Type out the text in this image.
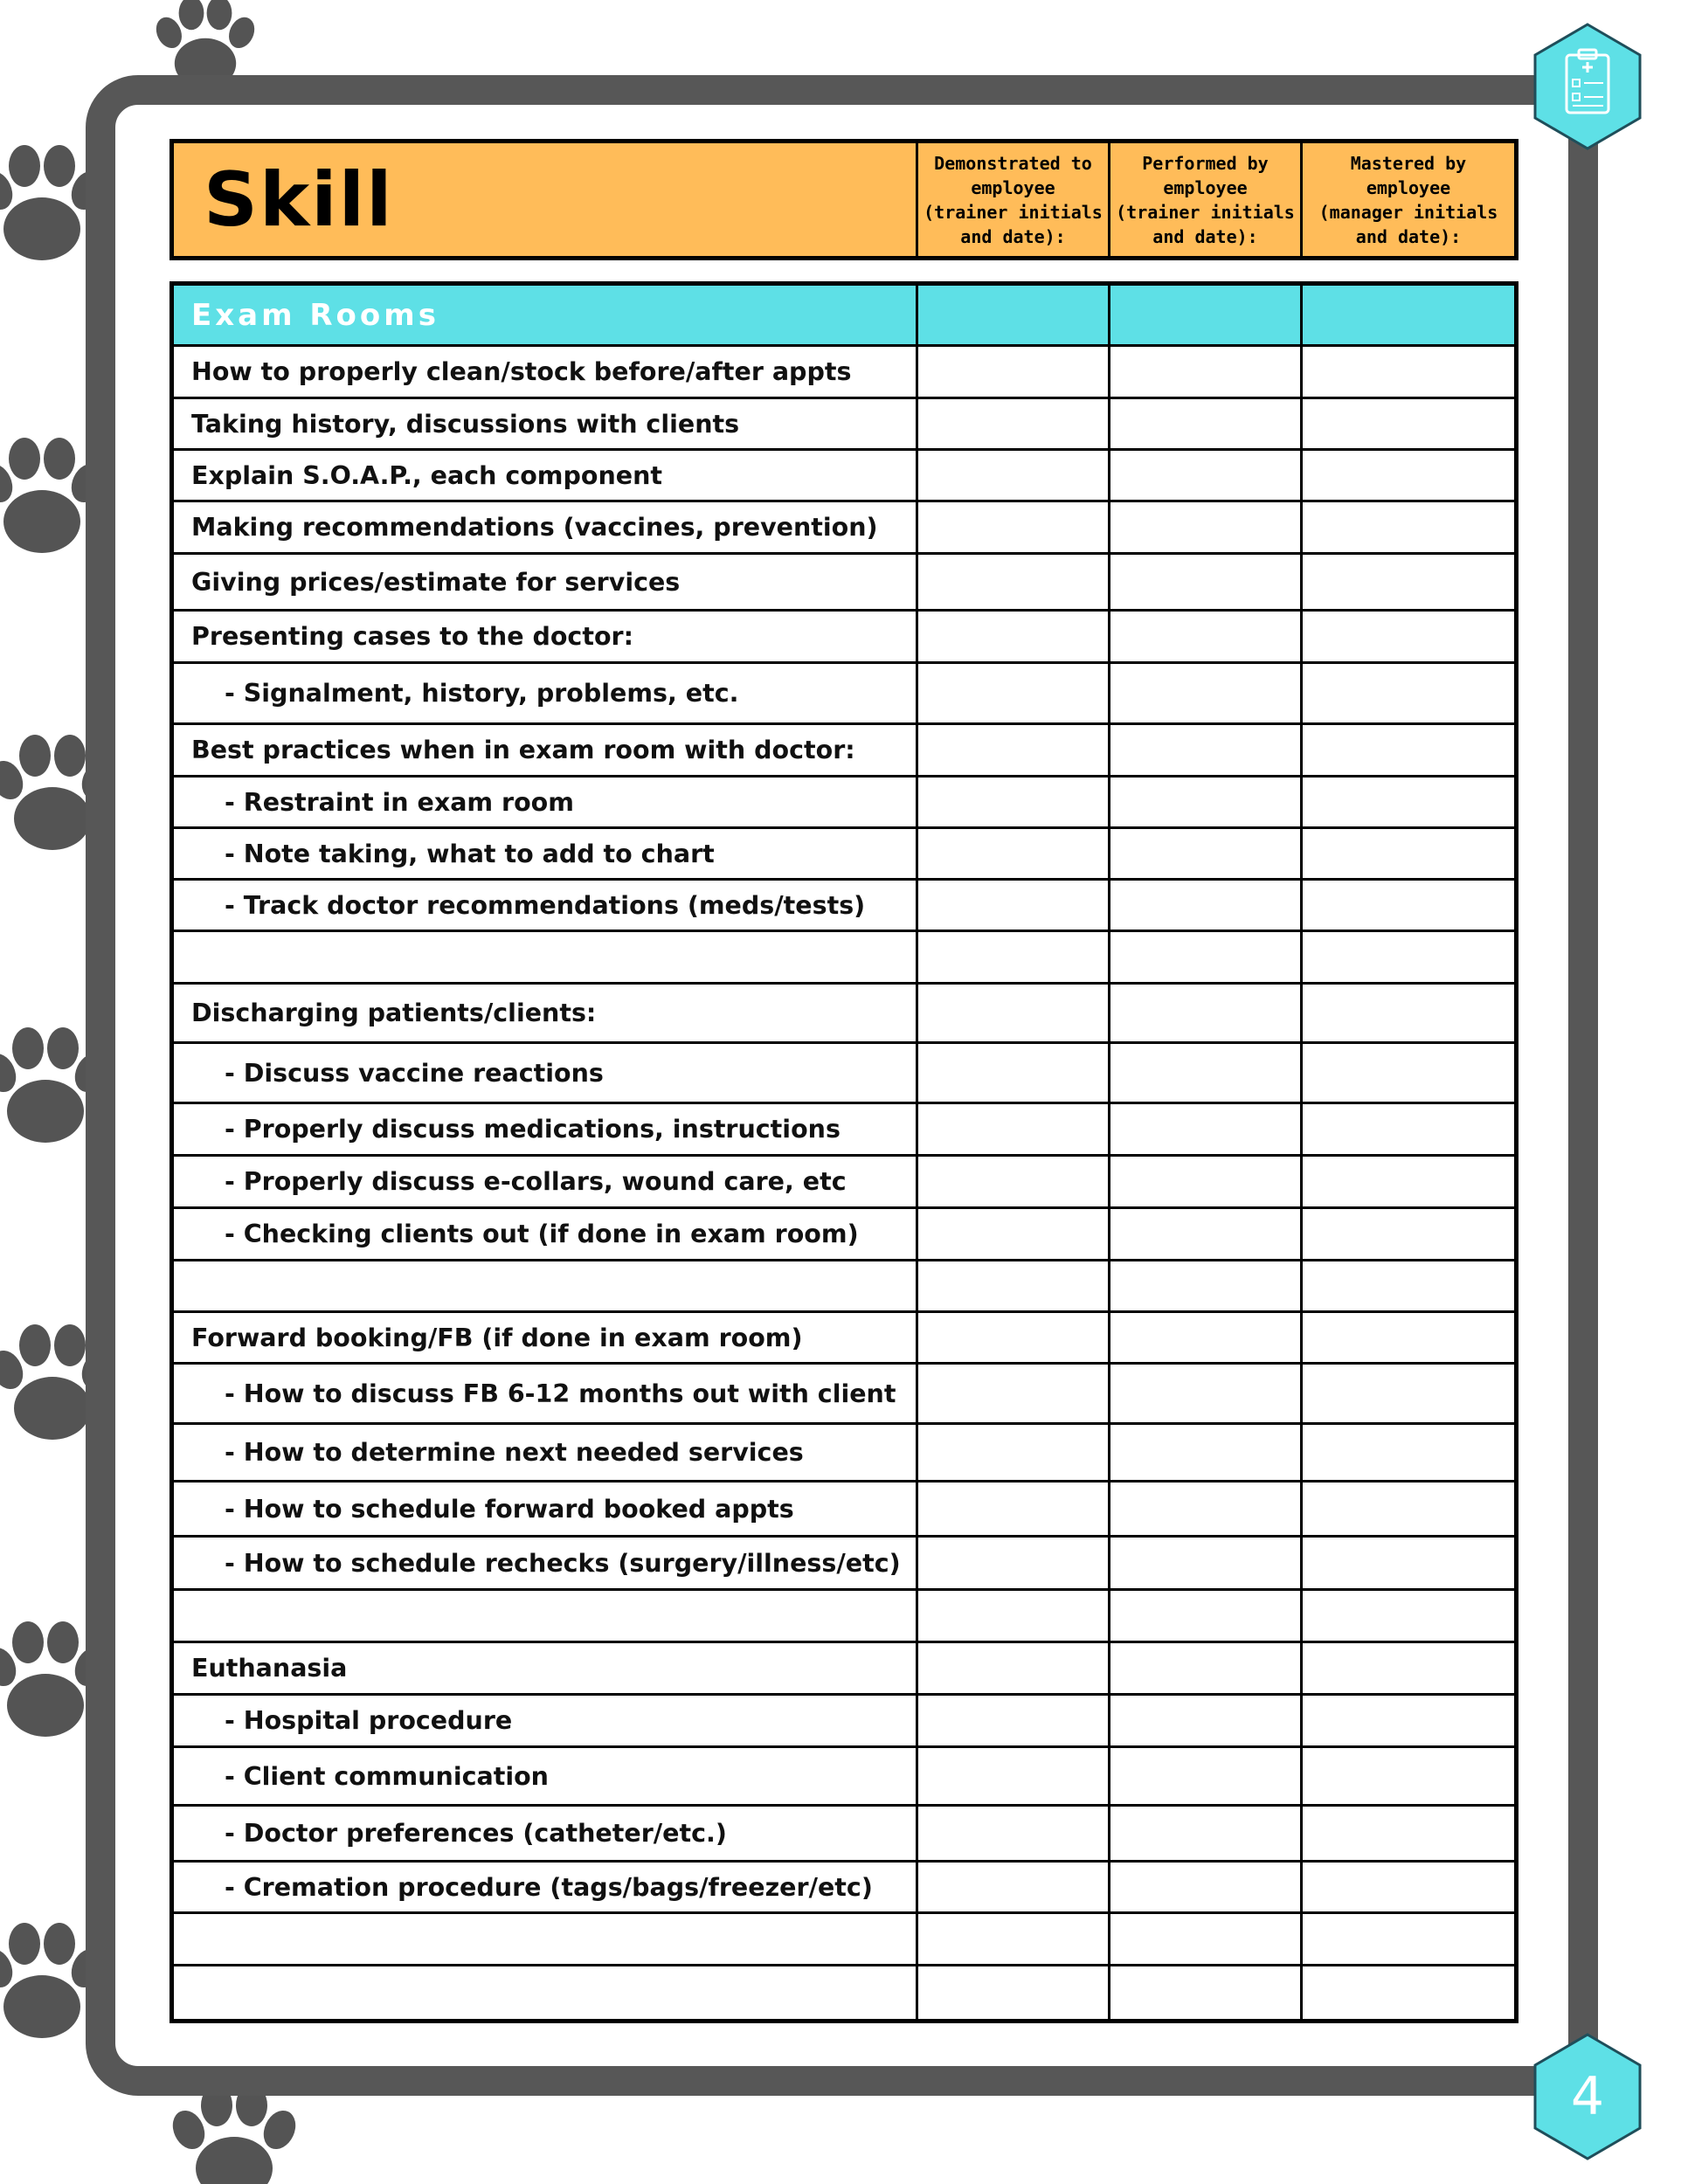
4
Skill	Demonstrated to
employee
(trainer initials
and date):
Performed by
employee
(trainer initials
and date):
Mastered by
employee
(manager initials
and date):
Exam Rooms
How to properly clean/stock before/after appts
Taking history, discussions with clients
Explain S.O.A.P., each component
Making recommendations (vaccines, prevention)
Giving prices/estimate for services
Presenting cases to the doctor:
- Signalment, history, problems, etc.
Best practices when in exam room with doctor:
- Restraint in exam room
- Note taking, what to add to chart
- Track doctor recommendations (meds/tests)
Discharging patients/clients:
- Discuss vaccine reactions
- Properly discuss medications, instructions
- Properly discuss e-collars, wound care, etc
- Checking clients out (if done in exam room)
Forward booking/FB (if done in exam room)
- How to discuss FB 6-12 months out with client
- How to determine next needed services
- How to schedule forward booked appts
- How to schedule rechecks (surgery/illness/etc)
Euthanasia
- Hospital procedure
- Client communication
- Doctor preferences (catheter/etc.)
- Cremation procedure (tags/bags/freezer/etc)
